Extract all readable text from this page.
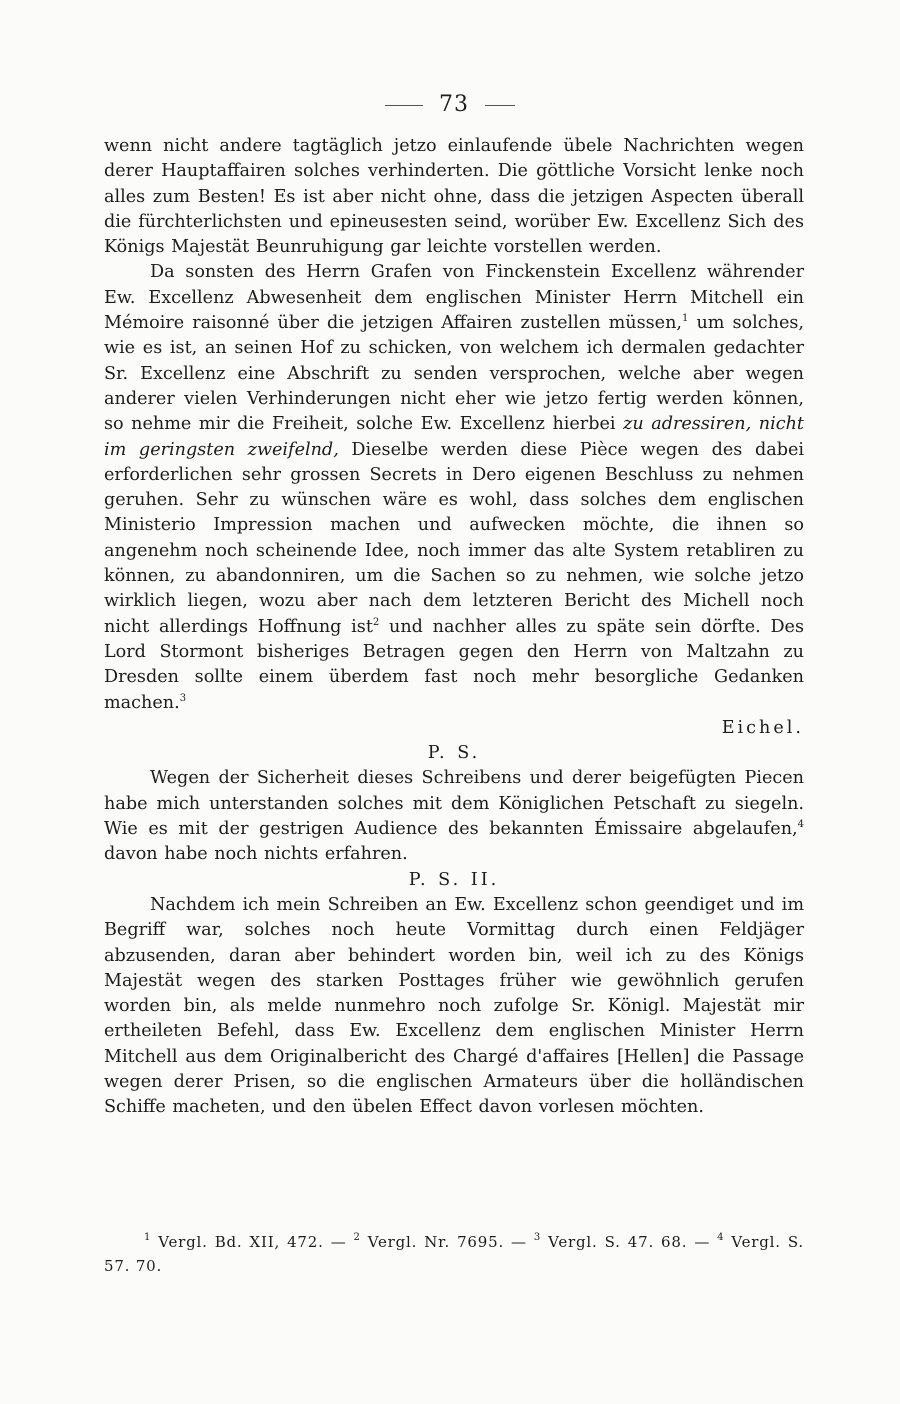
73

wenn nicht andere tagtäglich jetzo einlaufende übele Nachrichten wegen derer Hauptaffairen solches verhinderten. Die göttliche Vorsicht lenke noch alles zum Besten! Es ist aber nicht ohne, dass die jetzigen Aspecten überall die fürchterlichsten und epineusesten seind, worüber Ew. Excellenz Sich des Königs Majestät Beunruhigung gar leichte vorstellen werden.

Da sonsten des Herrn Grafen von Finckenstein Excellenz währender Ew. Excellenz Abwesenheit dem englischen Minister Herrn Mitchell ein Mémoire raisonné über die jetzigen Affairen zustellen müssen,$^1$ um solches, wie es ist, an seinen Hof zu schicken, von welchem ich dermalen gedachter Sr. Excellenz eine Abschrift zu senden versprochen, welche aber wegen anderer vielen Verhinderungen nicht eher wie jetzo fertig werden können, so nehme mir die Freiheit, solche Ew. Excellenz hierbei zu adressiren, nicht im geringsten zweifelnd, Dieselbe werden diese Pièce wegen des dabei erforderlichen sehr grossen Secrets in Dero eigenen Beschluss zu nehmen geruhen. Sehr zu wünschen wäre es wohl, dass solches dem englischen Ministerio Impression machen und aufwecken möchte, die ihnen so angenehm noch scheinende Idee, noch immer das alte System retabliren zu können, zu abandonniren, um die Sachen so zu nehmen, wie solche jetzo wirklich liegen, wozu aber nach dem letzteren Bericht des Michell noch nicht allerdings Hoffnung ist$^2$ und nachher alles zu späte sein dörfte. Des Lord Stormont bisheriges Betragen gegen den Herrn von Maltzahn zu Dresden sollte einem überdem fast noch mehr besorgliche Gedanken machen.$^3$

Eichel.

P. S.

Wegen der Sicherheit dieses Schreibens und derer beigefügten Piecen habe mich unterstanden solches mit dem Königlichen Petschaft zu siegeln. Wie es mit der gestrigen Audience des bekannten Émissaire abgelaufen,$^4$ davon habe noch nichts erfahren.

P. S. II.

Nachdem ich mein Schreiben an Ew. Excellenz schon geendiget und im Begriff war, solches noch heute Vormittag durch einen Feldjäger abzusenden, daran aber behindert worden bin, weil ich zu des Königs Majestät wegen des starken Posttages früher wie gewöhnlich gerufen worden bin, als melde nunmehro noch zufolge Sr. Königl. Majestät mir ertheileten Befehl, dass Ew. Excellenz dem englischen Minister Herrn Mitchell aus dem Originalbericht des Chargé d'affaires [Hellen] die Passage wegen derer Prisen, so die englischen Armateurs über die holländischen Schiffe macheten, und den übelen Effect davon vorlesen möchten.

$^1$ Vergl. Bd. XII, 472. — $^2$ Vergl. Nr. 7695. — $^3$ Vergl. S. 47. 68. — $^4$ Vergl. S. 57. 70.
